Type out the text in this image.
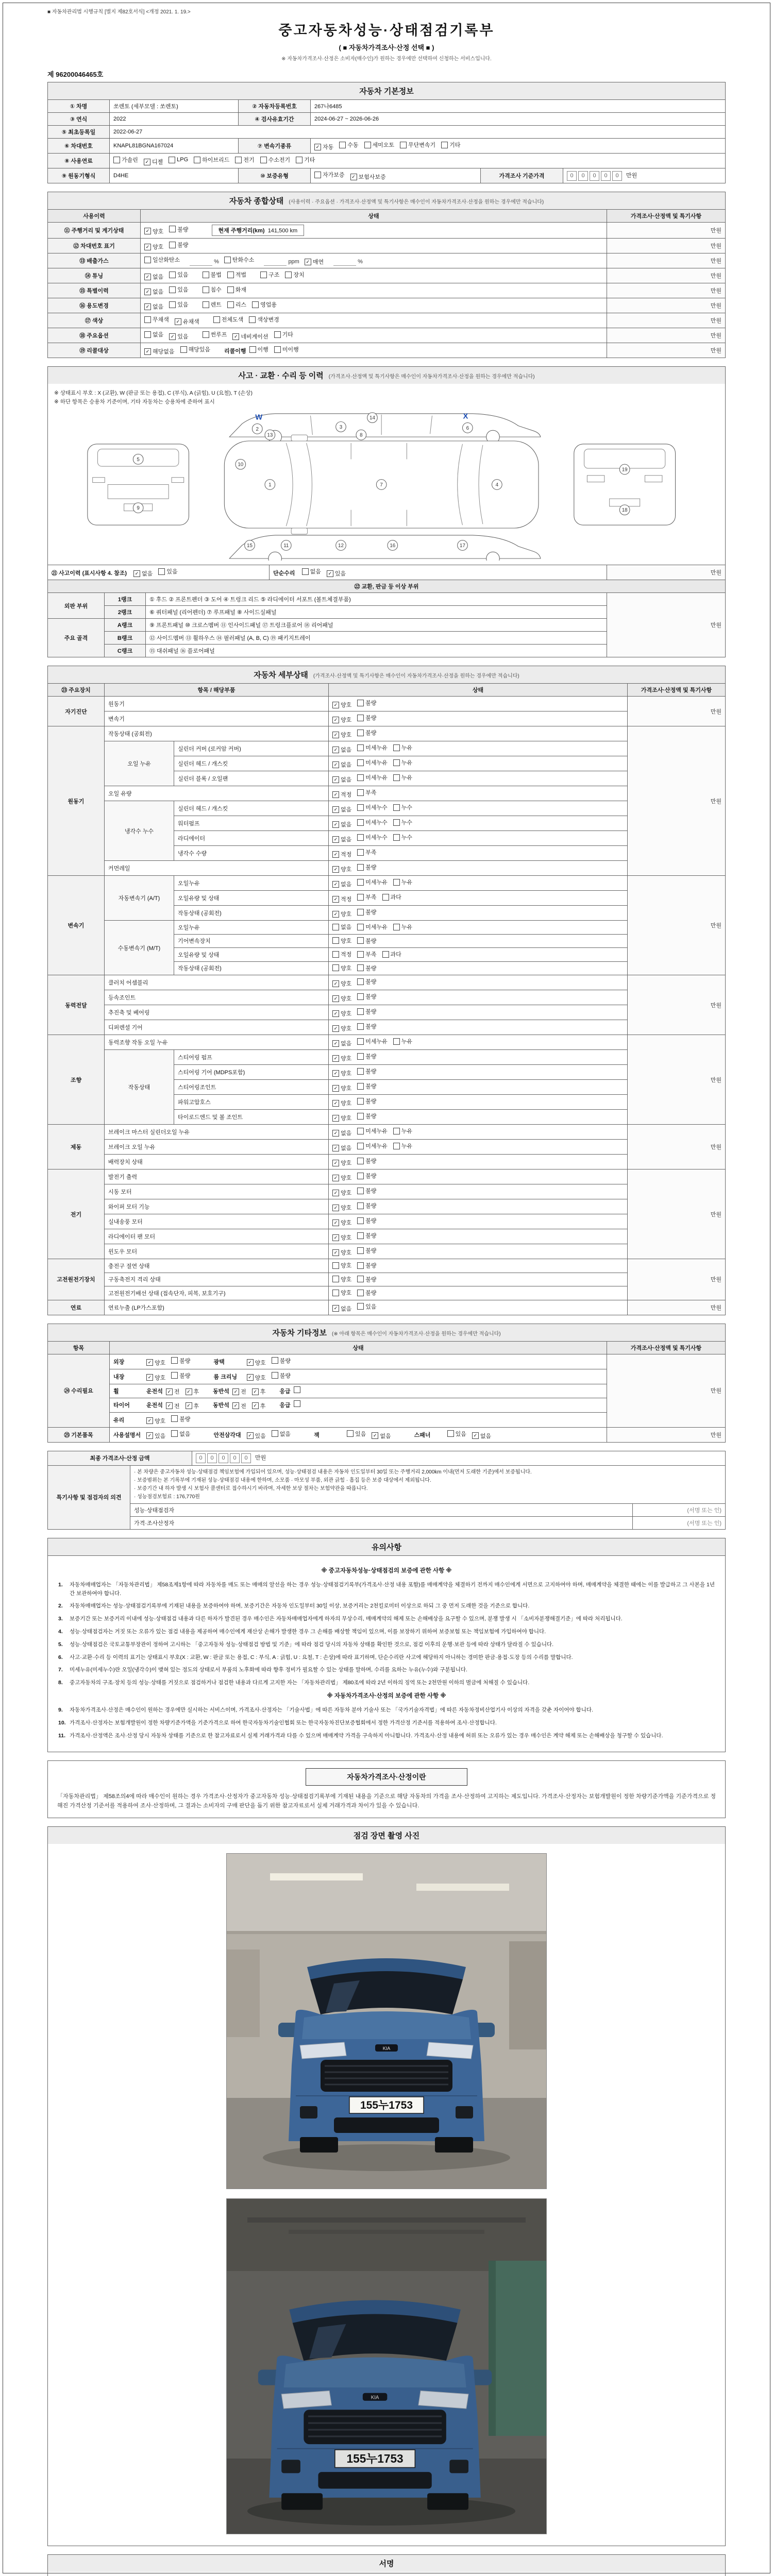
■ 자동차관리법 시행규칙 [별지 제82호서식] <개정 2021. 1. 19.>
중고자동차성능·상태점검기록부
( ■ 자동차가격조사·산정 선택 ■ )
※ 자동차가격조사·산정은 소비자(매수인)가 원하는 경우에만 선택하여 신청하는 서비스입니다.
제 96200046465호
자동차 기본정보
① 차명	쏘렌토 (세부모델 : 쏘렌토)	② 자동차등록번호	267나6485		
③ 연식	2022	④ 검사유효기간	2024-06-27 ~ 2026-06-26		
⑤ 최초등록일	2022-06-27				
⑥ 차대번호	KNAPL81BGNA167024	⑦ 변속기종류	✓ 자동 수동 세미오토 무단변속기 기타

⑧ 사용연료	가솔린	✓ 디젤 LPG 하이브리드 전기 수소전기 기타

⑨ 원동기형식	D4HE	⑩ 보증유형	자가보증 ✓ 보험사보증	가격조사 기준가격	0 0 0 0 0 만원
자동차 종합상태 (사용이력 · 주요옵션 · 가격조사·산정액 및 특기사항은 매수인이 자동차가격조사·산정을 원하는 경우에만 적습니다)
사용이력	상태	가격조사·산정액 및 특기사항
⑪ 주행거리 및 계기상태	✓ 양호 불량 현재 주행거리(km)  141,500 km	만원
⑫ 차대번호 표기	✓ 양호 불량	만원
⑬ 배출가스	일산화탄소	% 탄화수소	ppm	✓ 매연	%	만원
⑭ 튜닝	✓ 없음 있음	불법 적법	구조 장치	만원
⑮ 특별이력	✓ 없음 있음 침수 화재	만원
⑯ 용도변경	✓ 없음 있음	렌트 리스 영업용	만원
⑰ 색상	무채색 ✓ 유채색 전체도색 색상변경	만원
⑱ 주요옵션	없음	✓ 있음	썬루프	✓ 네비게이션 기타	만원
⑲ 리콜대상	✓ 해당없음 해당있음 리콜이행 이행 미이행	만원
사고 · 교환 · 수리 등 이력 (가격조사·산정액 및 특기사항은 매수인이 자동차가격조사·산정을 원하는 경우에만 적습니다)
※ 상태표시 부호 : X (교환), W (판금 또는 용접), C (부식), A (긁힘), U (요철), T (손상)
※ 하단 항목은 승용차 기준이며, 기타 자동차는 승용차에 준하여 표시
2	3
14
6
8
13
5
9
1
10
7	4
19
18
15	11	12	16	17
W	X
㉑ 사고이력 (표시사항 4. 참조)	✓ 없음 있음	단순수리	없음	✓ 있음	만원
㉒ 교환, 판금 등 이상 부위			
외판 부위	1랭크	① 후드 ② 프론트펜더 ③ 도어 ④ 트렁크 리드 ⑤ 라디에이터 서포트 (볼트체결부품)	만원
	2랭크	⑥ 쿼터패널 (리어펜더) ⑦ 루프패널 ⑧ 사이드실패널	
주요 골격	A랭크	⑨ 프론트패널 ⑩ 크로스멤버 ⑪ 인사이드패널 ⑰ 트렁크플로어 ⑱ 리어패널	
	B랭크	⑫ 사이드멤버 ⑬ 휠하우스 ⑭ 필러패널 (A, B, C) ⑲ 패키지트레이	
	C랭크	⑮ 대쉬패널 ⑯ 플로어패널	
자동차 세부상태 (가격조사·산정액 및 특기사항은 매수인이 자동차가격조사·산정을 원하는 경우에만 적습니다)
㉓ 주요장치	항목 / 해당부품		상태	가격조사·산정액 및 특기사항
자기진단	원동기		✓ 양호 불량	만원
	변속기		✓ 양호 불량	

원동기	작동상태 (공회전)		✓ 양호 불량	만원
	오일 누유	실린더 커버 (로커암 커버)	✓ 없음 미세누유 누유	

		실린더 헤드 / 개스킷	✓ 없음 미세누유 누유	

		실린더 블록 / 오일팬	✓ 없음 미세누유 누유	

	오일 유량		✓ 적정 부족	

	냉각수 누수	실린더 헤드 / 개스킷	✓ 없음 미세누수 누수	

		워터펌프	✓ 없음 미세누수 누수	

		라디에이터	✓ 없음 미세누수 누수	

		냉각수 수량	✓ 적정 부족	

	커먼레일		✓ 양호 불량	

변속기	자동변속기 (A/T)	오일누유	✓ 없음 미세누유 누유	만원
		오일유량 및 상태	✓ 적정 부족 과다	

		작동상태 (공회전)	✓ 양호 불량	

	수동변속기 (M/T)	오일누유	없음 미세누유 누유	

		기어변속장치	양호 불량	

		오일유량 및 상태	적정 부족 과다	

		작동상태 (공회전)	양호 불량	

동력전달	클러치 어셈블리		✓ 양호 불량	만원
	등속조인트		✓ 양호 불량	

	추진축 및 베어링		✓ 양호 불량	

	디퍼렌셜 기어		✓ 양호 불량	

조향	동력조향 작동 오일 누유		✓ 없음 미세누유 누유	만원
	작동상태	스티어링 펌프	✓ 양호 불량	

		스티어링 기어 (MDPS포함)	✓ 양호 불량	

		스티어링조인트	✓ 양호 불량	

		파워고압호스	✓ 양호 불량	

		타이로드엔드 및 볼 조인트	✓ 양호 불량	

제동	브레이크 마스터 실린더오일 누유		✓ 없음 미세누유 누유	만원
	브레이크 오일 누유		✓ 없음 미세누유 누유	

	배력장치 상태		✓ 양호 불량	

전기	발전기 출력		✓ 양호 불량	만원
	시동 모터		✓ 양호 불량	

	와이퍼 모터 기능		✓ 양호 불량	

	실내송풍 모터		✓ 양호 불량	

	라디에이터 팬 모터		✓ 양호 불량	

	윈도우 모터		✓ 양호 불량	

고전원전기장치	충전구 절연 상태		양호 불량	만원
	구동축전지 격리 상태		양호 불량	

	고전원전기배선 상태 (접속단자, 피복, 보호기구)		양호 불량	

연료	연료누출 (LP가스포함)		✓ 없음 있음	만원
자동차 기타정보 (※ 아래 항목은 매수인이 자동차가격조사·산정을 원하는 경우에만 적습니다)
항목	상태	가격조사·산정액 및 특기사항
㉔ 수리필요	외장	✓ 양호 불량	광택	✓ 양호 불량
	만원
내장	✓ 양호 불량	룸 크리닝	✓ 양호 불량

휠	운전석 ✓ 전	✓ 후 동반석 ✓ 전	✓ 후 응급

타이어	운전석 ✓ 전	✓ 후 동반석 ✓ 전	✓ 후 응급

	유리 ✓ 양호 불량	

㉕ 기본품목	사용설명서	✓ 있음 없음	안전삼각대	✓ 있음 없음	잭	있음	✓ 없음	스패너	있음	✓ 없음	만원
최종 가격조사·산정 금액	0 0 0 0 0 만원
특기사항 및 점검자의 의견	· 본 차량은 중고자동차 성능·상태점검 책임보험에 가입되어 있으며, 성능·상태점검 내용은 자동차 인도일부터 30일 또는 주행거리 2,000km 이내(먼저 도래한 기준)에서 보증됩니다.
· 보증범위는 본 기록부에 기재된 성능·상태점검 내용에 한하며, 소모품 · 마모성 부품, 외관 긁힘 · 흠집 등은 보증 대상에서 제외됩니다.
· 보증기간 내 하자 발생 시 보험사 콜센터로 접수하시기 바라며, 자세한 보상 절차는 보험약관을 따릅니다.
· 성능점검보험료 : 176,770원	

	성능·상태점검자	(서명 또는 인)
	가격·조사산정자	(서명 또는 인)
유의사항
※ 중고자동차성능·상태점검의 보증에 관한 사항 ※
1.	자동차매매업자는 「자동차관리법」 제58조제1항에 따라 자동차를 매도 또는 매매의 알선을 하는 경우 성능·상태점검기록부(가격조사·산정 내용 포함)를 매매계약을 체결하기 전까지 매수인에게 서면으로 고지하여야 하며, 매매계약을 체결한 때에는 이를 발급하고 그 사본을 1년간 보관하여야 합니다.
2.	자동차매매업자는 성능·상태점검기록부에 기재된 내용을 보증하여야 하며, 보증기간은 자동차 인도일부터 30일 이상, 보증거리는 2천킬로미터 이상으로 하되 그 중 먼저 도래한 것을 기준으로 합니다.
3.	보증기간 또는 보증거리 이내에 성능·상태점검 내용과 다른 하자가 발견된 경우 매수인은 자동차매매업자에게 하자의 무상수리, 매매계약의 해제 또는 손해배상을 요구할 수 있으며, 분쟁 발생 시 「소비자분쟁해결기준」에 따라 처리됩니다.
4.	성능·상태점검자는 거짓 또는 오류가 있는 점검 내용을 제공하여 매수인에게 재산상 손해가 발생한 경우 그 손해를 배상할 책임이 있으며, 이를 보장하기 위하여 보증보험 또는 책임보험에 가입하여야 합니다.
5.	성능·상태점검은 국토교통부장관이 정하여 고시하는 「중고자동차 성능·상태점검 방법 및 기준」에 따라 점검 당시의 자동차 상태를 확인한 것으로, 점검 이후의 운행·보관 등에 따라 상태가 달라질 수 있습니다.
6.	사고·교환·수리 등 이력의 표기는 상태표시 부호(X : 교환, W : 판금 또는 용접, C : 부식, A : 긁힘, U : 요철, T : 손상)에 따라 표기하며, 단순수리란 사고에 해당하지 아니하는 경미한 판금·용접·도장 등의 수리를 말합니다.
7.	미세누유(미세누수)란 오일(냉각수)이 맺혀 있는 정도의 상태로서 부품의 노후화에 따라 향후 정비가 필요할 수 있는 상태를 말하며, 수리를 요하는 누유(누수)와 구분됩니다.
8.	중고자동차의 구조·장치 등의 성능·상태를 거짓으로 점검하거나 점검한 내용과 다르게 고지한 자는 「자동차관리법」 제80조에 따라 2년 이하의 징역 또는 2천만원 이하의 벌금에 처해질 수 있습니다.
※ 자동차가격조사·산정의 보증에 관한 사항 ※
9.	자동차가격조사·산정은 매수인이 원하는 경우에만 실시하는 서비스이며, 가격조사·산정자는 「기술사법」에 따른 자동차 분야 기술사 또는 「국가기술자격법」에 따른 자동차정비산업기사 이상의 자격을 갖춘 자이어야 합니다.
10. 가격조사·산정자는 보험개발원이 정한 차량기준가액을 기준가격으로 하여 한국자동차기술인협회 또는 한국자동차진단보증협회에서 정한 가격산정 기준서를 적용하여 조사·산정합니다.
11. 가격조사·산정액은 조사·산정 당시 자동차 상태를 기준으로 한 참고자료로서 실제 거래가격과 다를 수 있으며 매매계약 가격을 구속하지 아니합니다. 가격조사·산정 내용에 허위 또는 오류가 있는 경우 매수인은 계약 해제 또는 손해배상을 청구할 수 있습니다.
자동차가격조사·산정이란
「자동차관리법」 제58조의4에 따라 매수인이 원하는 경우 가격조사·산정자가 중고자동차 성능·상태점검기록부에 기재된 내용을 기준으로 해당 자동차의 가격을 조사·산정하여 고지하는 제도입니다. 가격조사·산정자는 보험개발원이 정한 차량기준가액을 기준가격으로 정해진 가격산정 기준서를 적용하여 조사·산정하며, 그 결과는 소비자의 구매 판단을 돕기 위한 참고자료로서 실제 거래가격과 차이가 있을 수 있습니다.
점검 장면 촬영 사진
서명
